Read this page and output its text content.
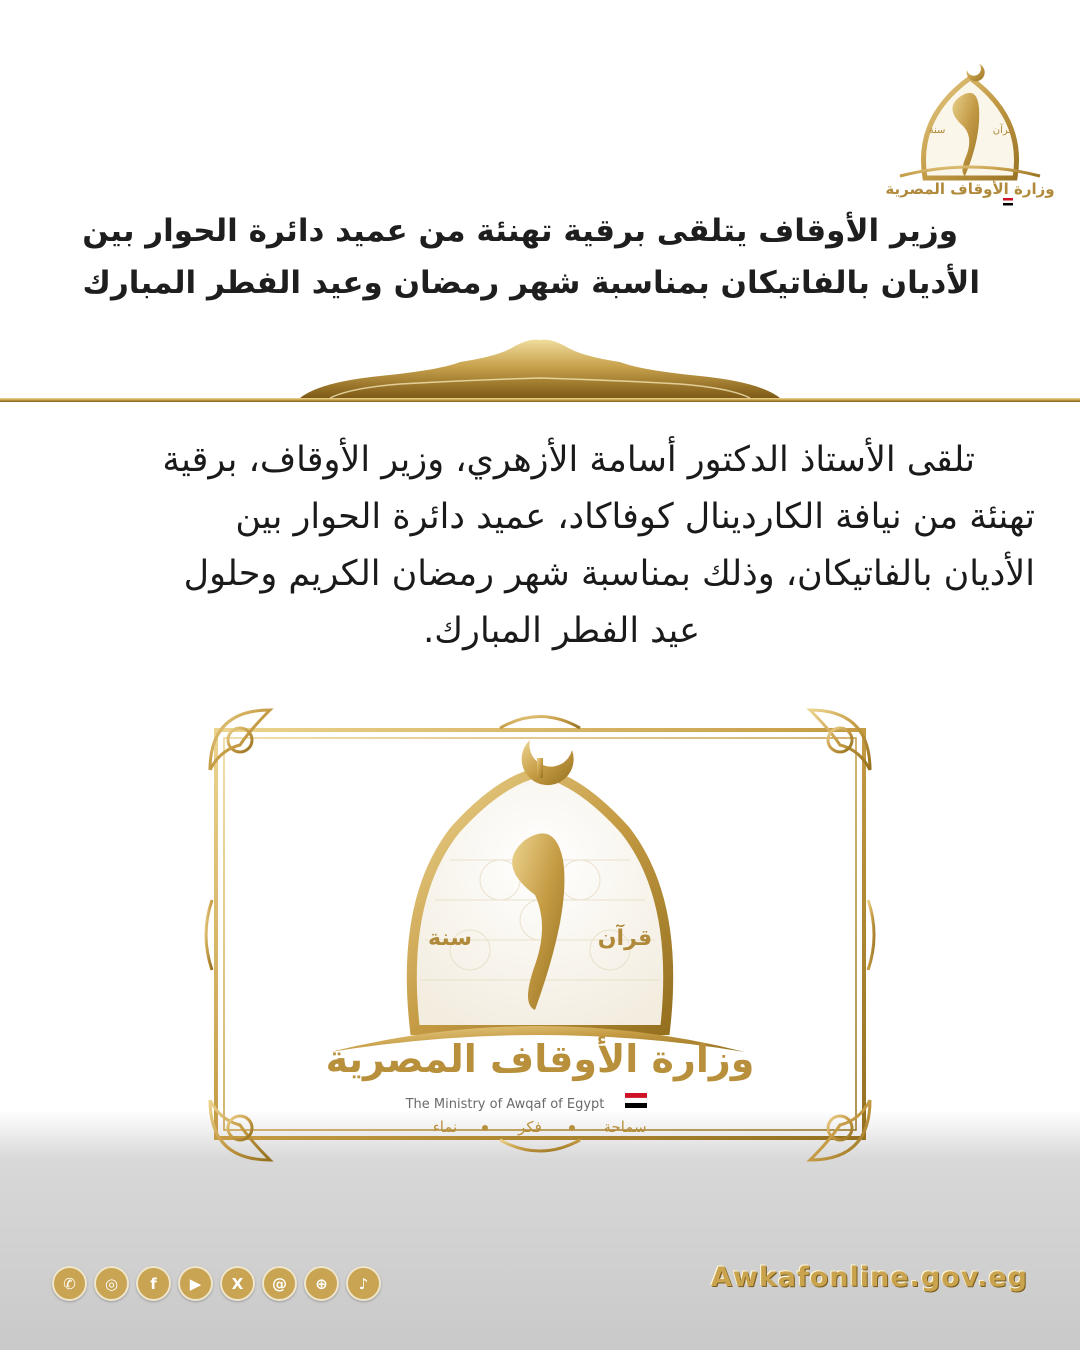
سنة	قرآن
وزارة الأوقاف المصرية
وزير الأوقاف يتلقى برقية تهنئة من عميد دائرة الحوار بين
الأديان بالفاتيكان بمناسبة شهر رمضان وعيد الفطر المبارك

تلقى الأستاذ الدكتور أسامة الأزهري، وزير الأوقاف، برقية
تهنئة من نيافة الكاردينال كوفاكاد، عميد دائرة الحوار بين
الأديان بالفاتيكان، وذلك بمناسبة شهر رمضان الكريم وحلول
عيد الفطر المبارك.

سنة	قرآن
وزارة الأوقاف المصرية
The Ministry of Awqaf of Egypt
سماحة
فكر
نماء
✆	◎	f	▶	X	@	⊕	♪	Awkafonline.gov.eg
